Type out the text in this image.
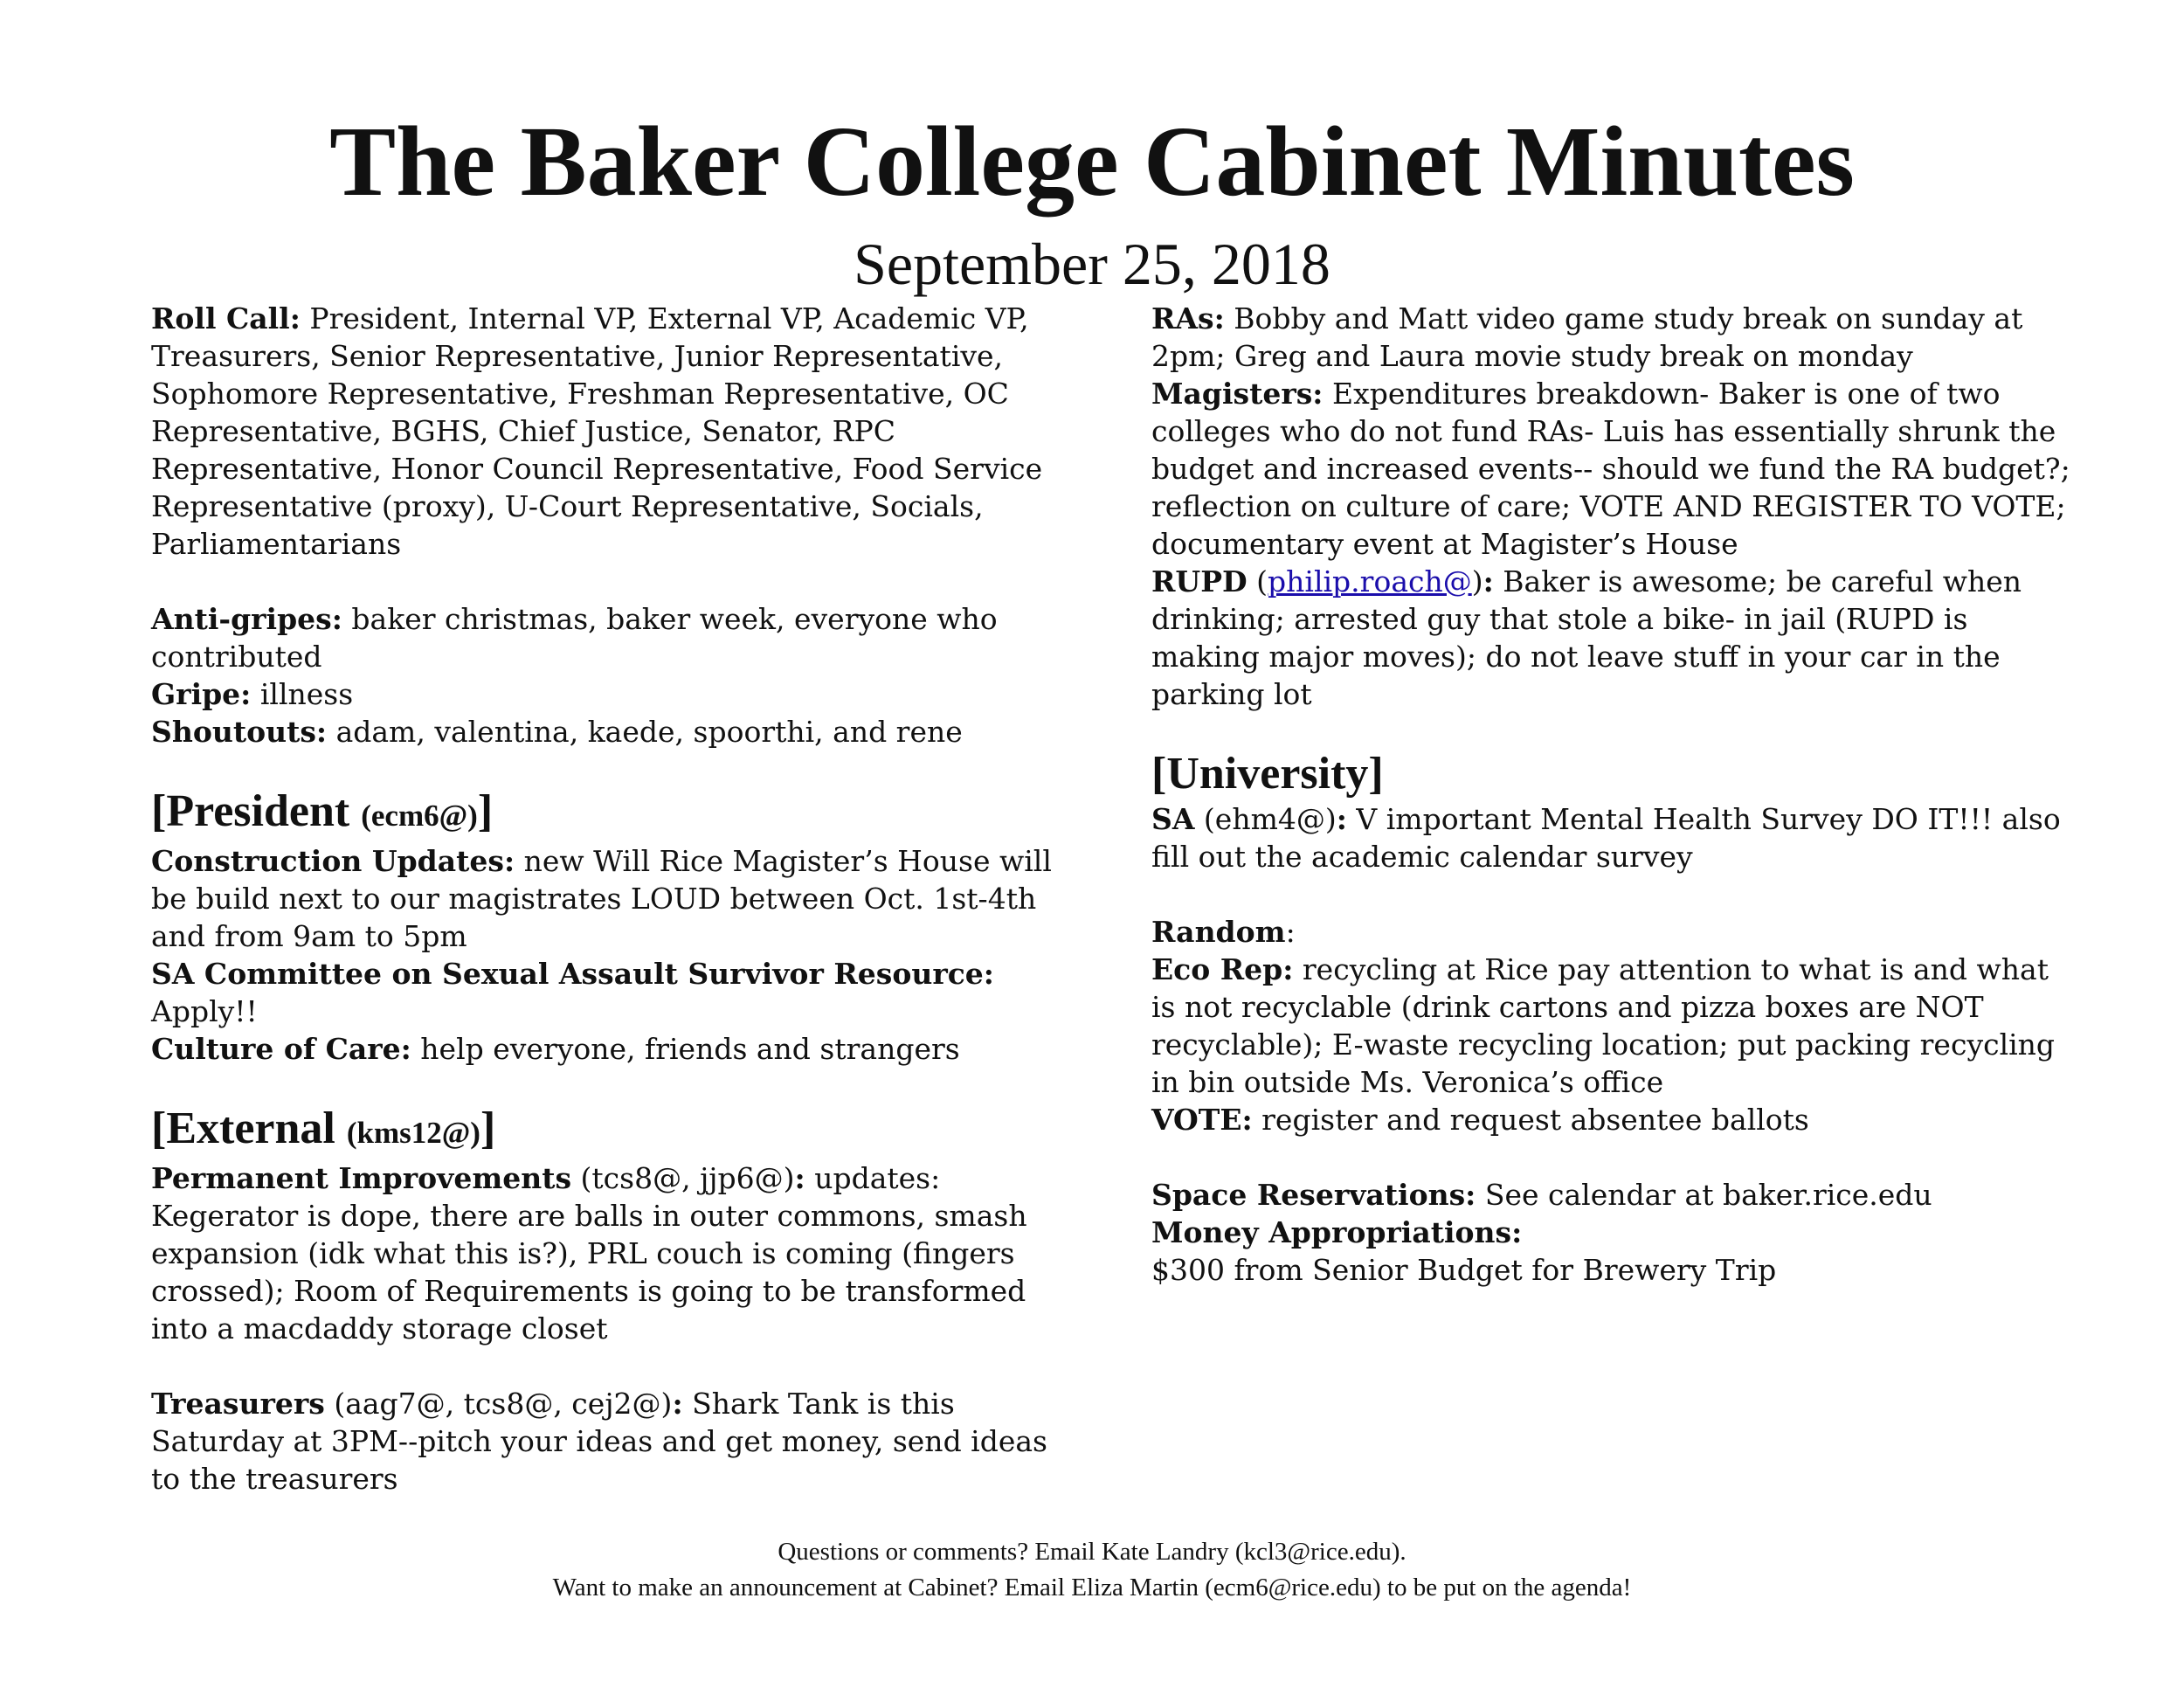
The Baker College Cabinet Minutes
September 25, 2018

Roll Call: President, Internal VP, External VP, Academic VP, Treasurers, Senior Representative, Junior Representative, Sophomore Representative, Freshman Representative, OC Representative, BGHS, Chief Justice, Senator, RPC Representative, Honor Council Representative, Food Service Representative (proxy), U-Court Representative, Socials, Parliamentarians

Anti-gripes: baker christmas, baker week, everyone who contributed

Gripe: illness

Shoutouts: adam, valentina, kaede, spoorthi, and rene

[President (ecm6@)]

Construction Updates: new Will Rice Magister’s House will be build next to our magistrates LOUD between Oct. 1st-4th and from 9am to 5pm

SA Committee on Sexual Assault Survivor Resource:

Apply!!

Culture of Care: help everyone, friends and strangers

[External (kms12@)]

Permanent Improvements (tcs8@, jjp6@): updates: Kegerator is dope, there are balls in outer commons, smash expansion (idk what this is?), PRL couch is coming (fingers crossed); Room of Requirements is going to be transformed into a macdaddy storage closet

Treasurers (aag7@, tcs8@, cej2@): Shark Tank is this Saturday at 3PM--pitch your ideas and get money, send ideas to the treasurers

RAs: Bobby and Matt video game study break on sunday at 2pm; Greg and Laura movie study break on monday

Magisters: Expenditures breakdown- Baker is one of two colleges who do not fund RAs- Luis has essentially shrunk the budget and increased events-- should we fund the RA budget?; reflection on culture of care; VOTE AND REGISTER TO VOTE; documentary event at Magister’s House

RUPD (philip.roach@): Baker is awesome; be careful when drinking; arrested guy that stole a bike- in jail (RUPD is making major moves); do not leave stuff in your car in the parking lot

[University]

SA (ehm4@): V important Mental Health Survey DO IT!!! also fill out the academic calendar survey

Random:

Eco Rep: recycling at Rice pay attention to what is and what is not recyclable (drink cartons and pizza boxes are NOT recyclable); E-waste recycling location; put packing recycling in bin outside Ms. Veronica’s office

VOTE: register and request absentee ballots

Space Reservations: See calendar at baker.rice.edu

Money Appropriations:

$300 from Senior Budget for Brewery Trip

Questions or comments? Email Kate Landry (kcl3@rice.edu).
Want to make an announcement at Cabinet? Email Eliza Martin (ecm6@rice.edu) to be put on the agenda!
